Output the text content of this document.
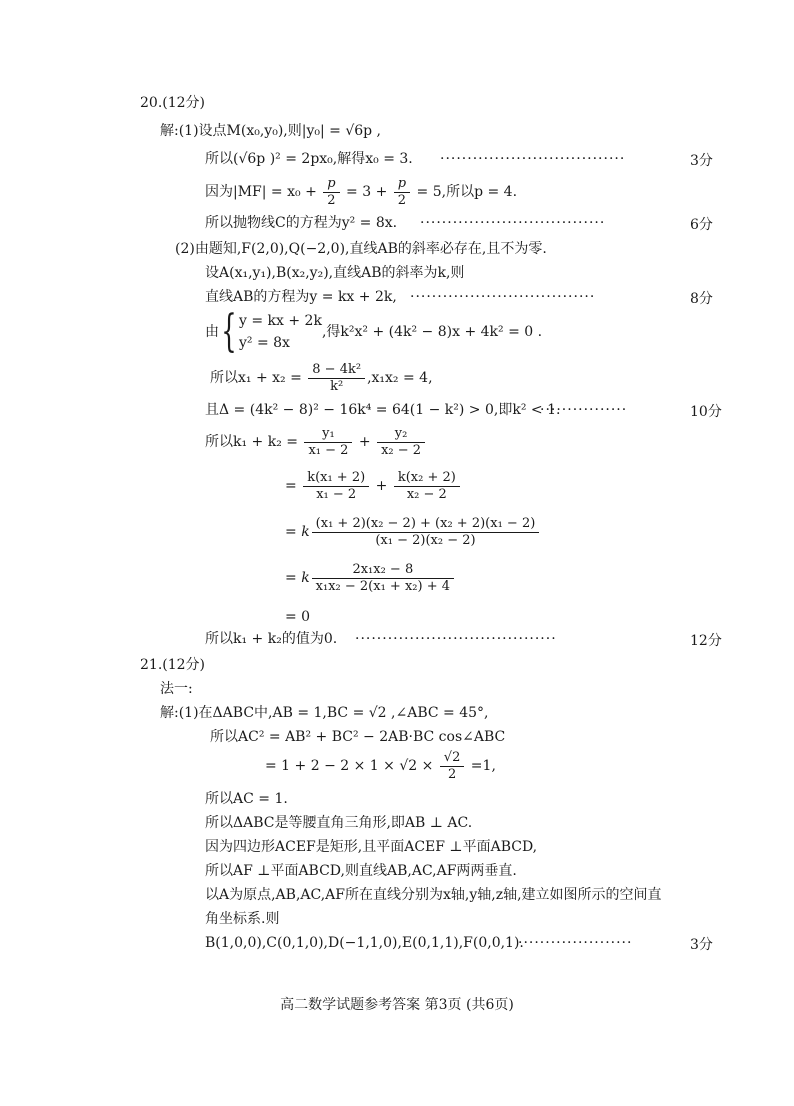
20.(12分)
解:(1)设点M(x₀,y₀),则|y₀| = √6p ,
所以(√6p )² = 2px₀,解得x₀ = 3. ··································	3分
因为$|MF| = x_0 + \frac{p}{2} = 3 + \frac{p}{2} = 5$,所以p = 4.
所以抛物线C的方程为y² = 8x. ··································	6分
(2)由题知,F(2,0),Q(−2,0),直线AB的斜率必存在,且不为零.
设A(x₁,y₁),B(x₂,y₂),直线AB的斜率为k,则
直线AB的方程为y = kx + 2k, ··································	8分
由{ y = kx + 2k
y² = 8x
,得k²x² + (4k² − 8)x + 4k² = 0 .
所以$x_1 + x_2 = \frac{\text{8 − 4k²}}{\text{k²}} ,x_1x_2 = 4$,
且Δ = (4k² − 8)² − 16k⁴ = 64(1 − k²) > 0,即k² < 1.
················	10分
所以$k_1 + k_2 = \frac{\text{y₁}}{\text{x₁ − 2}} + \frac{\text{y₂}}{\text{x₂ − 2}}$
= $\frac{\text{k(x₁ + 2)}}{\text{x₁ − 2}} + \frac{\text{k(x₂ + 2)}}{\text{x₂ − 2}}$
= k $\frac{\text{(x₁ + 2)(x₂ − 2) + (x₂ + 2)(x₁ − 2)}}{\text{(x₁ − 2)(x₂ − 2)}}$
= k $\frac{\text{2x₁x₂ − 8}}{\text{x₁x₂ − 2(x₁ + x₂) + 4}}$
= 0
所以k₁ + k₂的值为0. ·····································	12分
21.(12分)
法一:
解:(1)在ΔABC中,AB = 1,BC = √2 ,∠ABC = 45°,
所以AC² = AB² + BC² − 2AB·BC cos∠ABC
= $1 + 2 - 2 \times 1 \times √2 \times \frac{√2}{2} =1$,
所以AC = 1.
所以ΔABC是等腰直角三角形,即AB ⊥ AC.
因为四边形ACEF是矩形,且平面ACEF ⊥平面ABCD,
所以AF ⊥平面ABCD,则直线AB,AC,AF两两垂直.
以A为原点,AB,AC,AF所在直线分别为x轴,y轴,z轴,建立如图所示的空间直
角坐标系.则
B(1,0,0),C(0,1,0),D(−1,1,0),E(0,1,1),F(0,0,1).
·····················	3分
高二数学试题参考答案 第3页 (共6页)
